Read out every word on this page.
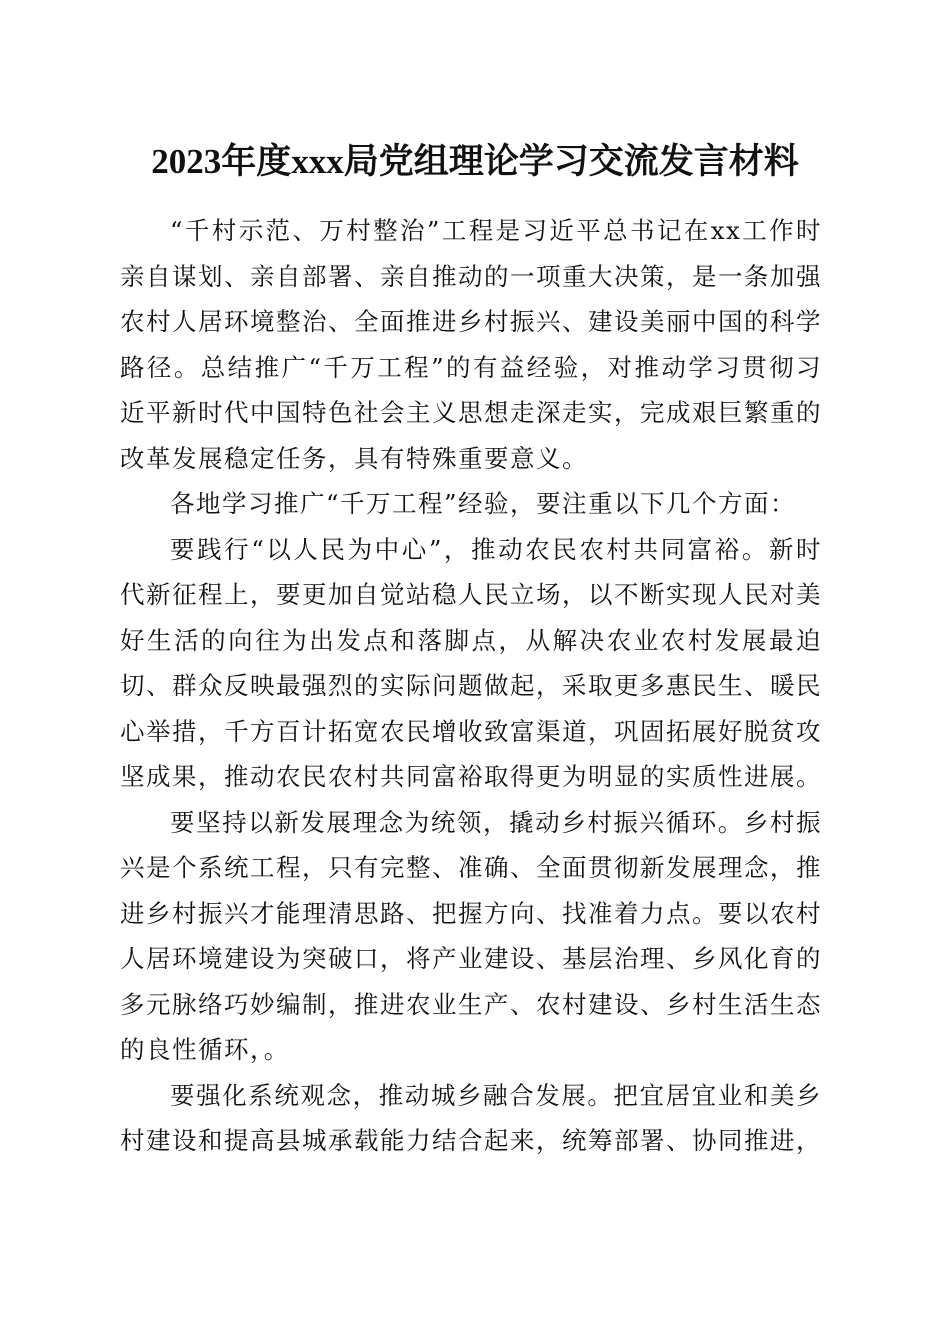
2023年度xxx局党组理论学习交流发言材料

“千村示范、万村整治”工程是习近平总书记在xx工作时亲自谋划、亲自部署、亲自推动的一项重大决策，是一条加强农村人居环境整治、全面推进乡村振兴、建设美丽中国的科学路径。总结推广“千万工程”的有益经验，对推动学习贯彻习近平新时代中国特色社会主义思想走深走实，完成艰巨繁重的改革发展稳定任务，具有特殊重要意义。

各地学习推广“千万工程”经验，要注重以下几个方面：

要践行“以人民为中心”，推动农民农村共同富裕。新时代新征程上，要更加自觉站稳人民立场，以不断实现人民对美好生活的向往为出发点和落脚点，从解决农业农村发展最迫切、群众反映最强烈的实际问题做起，采取更多惠民生、暖民心举措，千方百计拓宽农民增收致富渠道，巩固拓展好脱贫攻坚成果，推动农民农村共同富裕取得更为明显的实质性进展。

要坚持以新发展理念为统领，撬动乡村振兴循环。乡村振兴是个系统工程，只有完整、准确、全面贯彻新发展理念，推进乡村振兴才能理清思路、把握方向、找准着力点。要以农村人居环境建设为突破口，将产业建设、基层治理、乡风化育的多元脉络巧妙编制，推进农业生产、农村建设、乡村生活生态的良性循环，。

要强化系统观念，推动城乡融合发展。把宜居宜业和美乡村建设和提高县城承载能力结合起来，统筹部署、协同推进，
